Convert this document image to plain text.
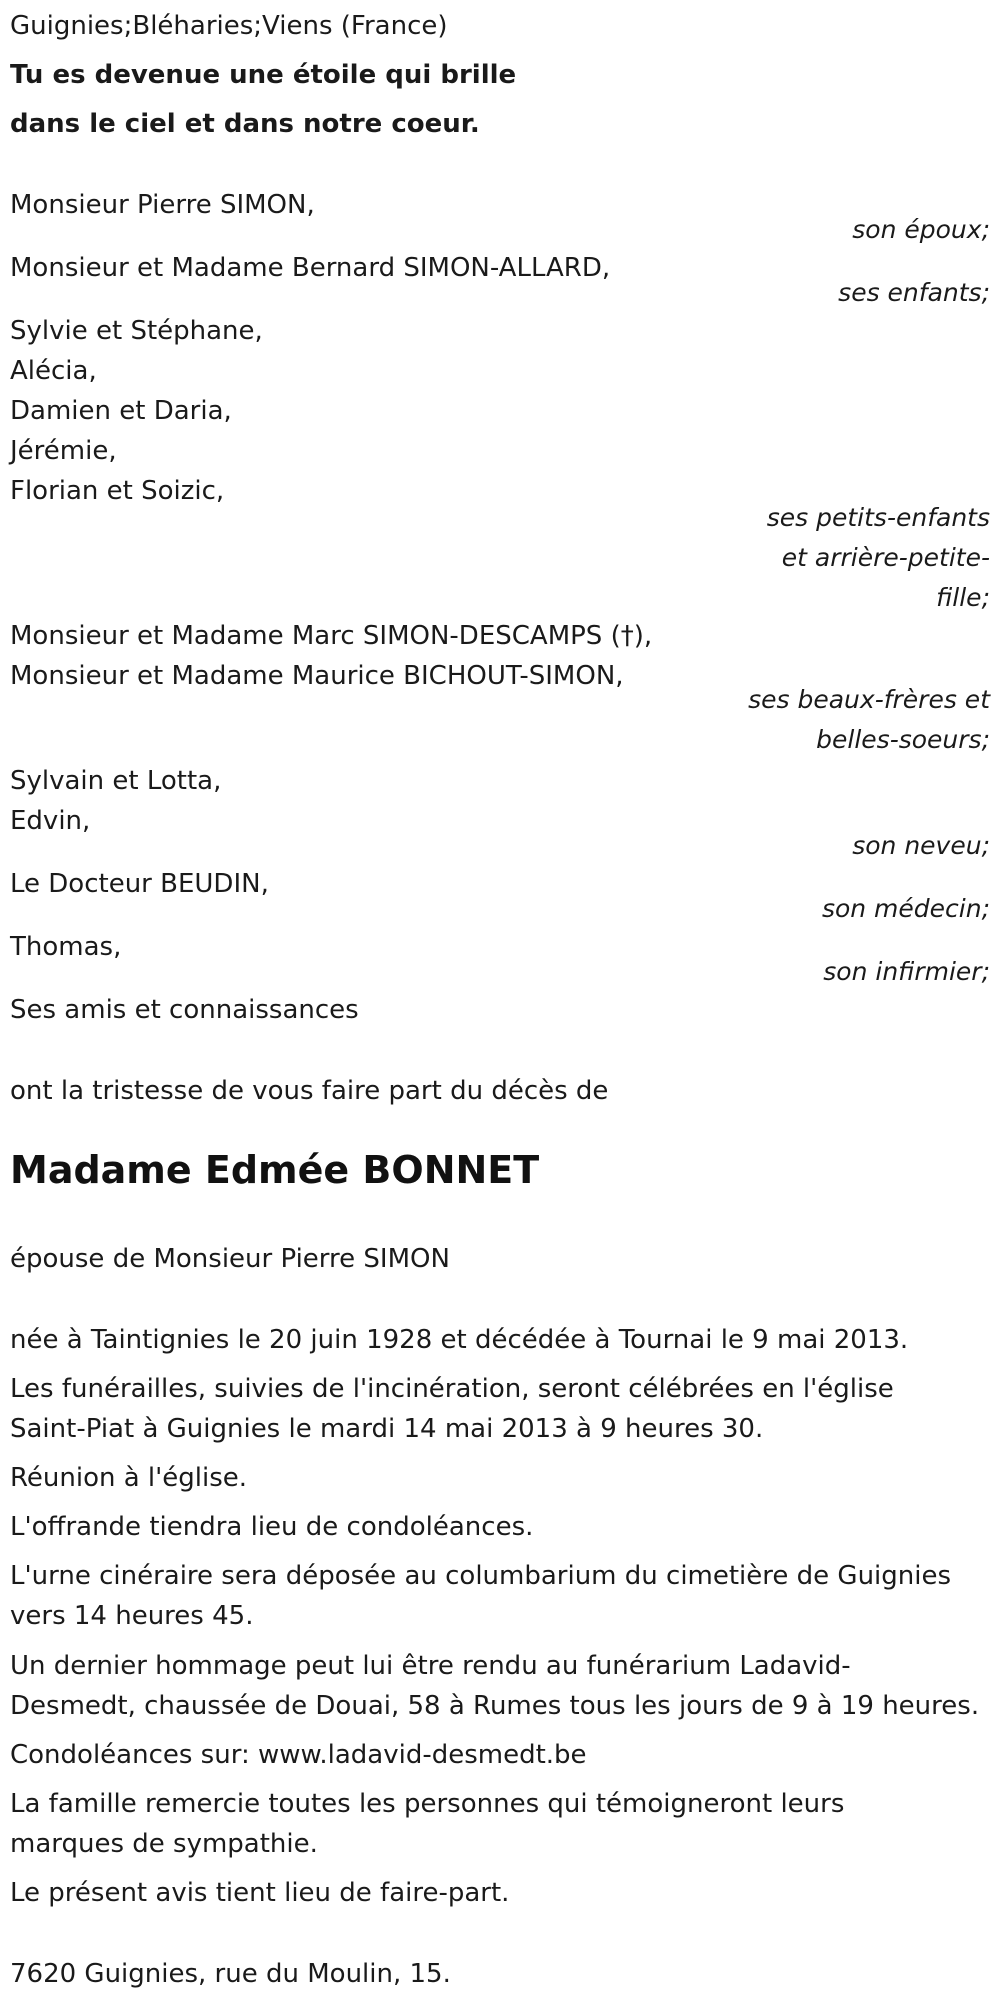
Guignies;Bléharies;Viens (France)
Tu es devenue une étoile qui brille
dans le ciel et dans notre coeur.
Monsieur Pierre SIMON,
son époux;
Monsieur et Madame Bernard SIMON-ALLARD,
ses enfants;
Sylvie et Stéphane,
Alécia,
Damien et Daria,
Jérémie,
Florian et Soizic,
ses petits-enfants
et arrière-petite-
fille;
Monsieur et Madame Marc SIMON-DESCAMPS (†),
Monsieur et Madame Maurice BICHOUT-SIMON,
ses beaux-frères et
belles-soeurs;
Sylvain et Lotta,
Edvin,
son neveu;
Le Docteur BEUDIN,
son médecin;
Thomas,
son infirmier;
Ses amis et connaissances
ont la tristesse de vous faire part du décès de
Madame Edmée BONNET
épouse de Monsieur Pierre SIMON
née à Taintignies le 20 juin 1928 et décédée à Tournai le 9 mai 2013.
Les funérailles, suivies de l'incinération, seront célébrées en l'église
Saint-Piat à Guignies le mardi 14 mai 2013 à 9 heures 30.
Réunion à l'église.
L'offrande tiendra lieu de condoléances.
L'urne cinéraire sera déposée au columbarium du cimetière de Guignies
vers 14 heures 45.
Un dernier hommage peut lui être rendu au funérarium Ladavid-
Desmedt, chaussée de Douai, 58 à Rumes tous les jours de 9 à 19 heures.
Condoléances sur: www.ladavid-desmedt.be
La famille remercie toutes les personnes qui témoigneront leurs
marques de sympathie.
Le présent avis tient lieu de faire-part.
7620 Guignies, rue du Moulin, 15.
